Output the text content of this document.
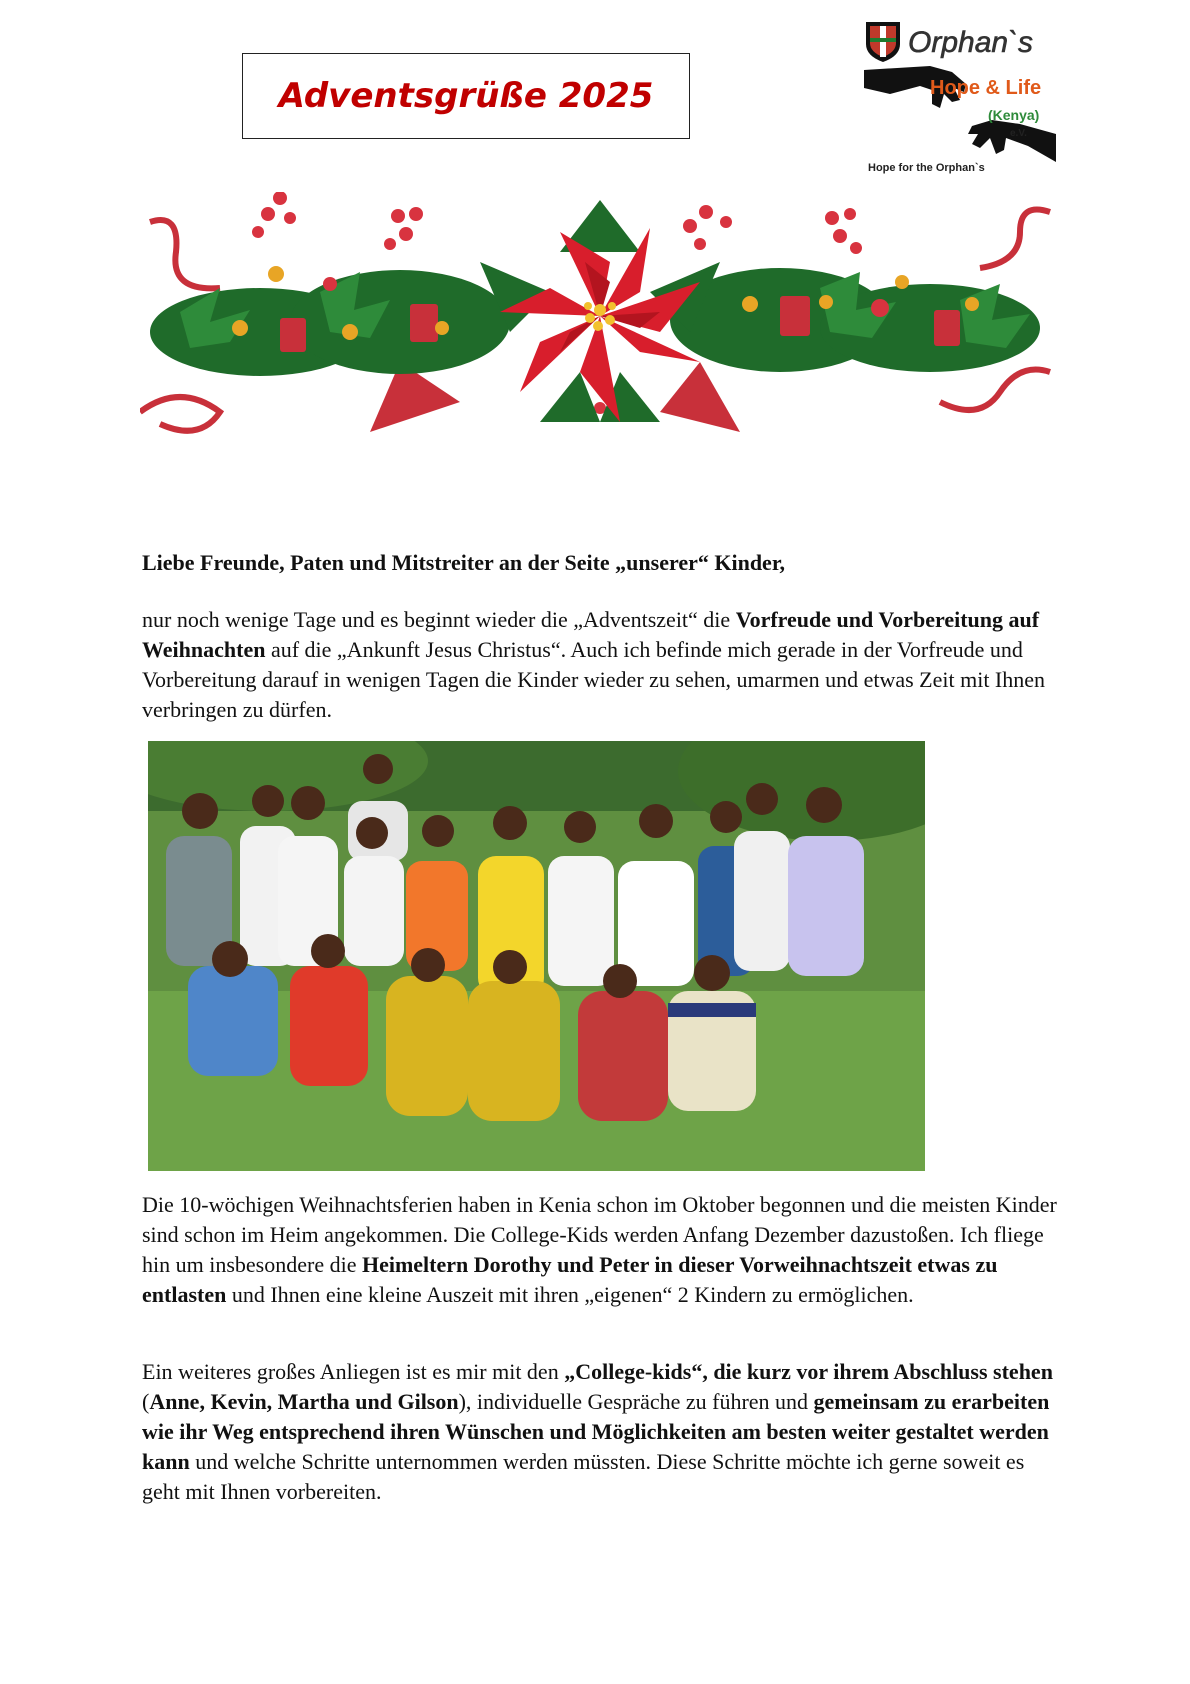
Adventsgrüße 2025
Orphan`s
Hope & Life
(Kenya)
e.V.
Hope for the Orphan`s

Liebe Freunde, Paten und Mitstreiter an der Seite „unserer“ Kinder,

nur noch wenige Tage und es beginnt wieder die „Adventszeit“ die Vorfreude und Vorbereitung auf Weihnachten auf die „Ankunft Jesus Christus“. Auch ich befinde mich gerade in der Vorfreude und Vorbereitung darauf in wenigen Tagen die Kinder wieder zu sehen, umarmen und etwas Zeit mit Ihnen verbringen zu dürfen.

Die 10-wöchigen Weihnachtsferien haben in Kenia schon im Oktober begonnen und die meisten Kinder sind schon im Heim angekommen. Die College-Kids werden Anfang Dezember dazustoßen. Ich fliege hin um insbesondere die Heimeltern Dorothy und Peter in dieser Vorweihnachtszeit etwas zu entlasten und Ihnen eine kleine Auszeit mit ihren „eigenen“ 2 Kindern zu ermöglichen.

Ein weiteres großes Anliegen ist es mir mit den „College-kids“, die kurz vor ihrem Abschluss stehen (Anne, Kevin, Martha und Gilson), individuelle Gespräche zu führen und gemeinsam zu erarbeiten wie ihr Weg entsprechend ihren Wünschen und Möglichkeiten am besten weiter gestaltet werden kann und welche Schritte unternommen werden müssten. Diese Schritte möchte ich gerne soweit es geht mit Ihnen vorbereiten.
